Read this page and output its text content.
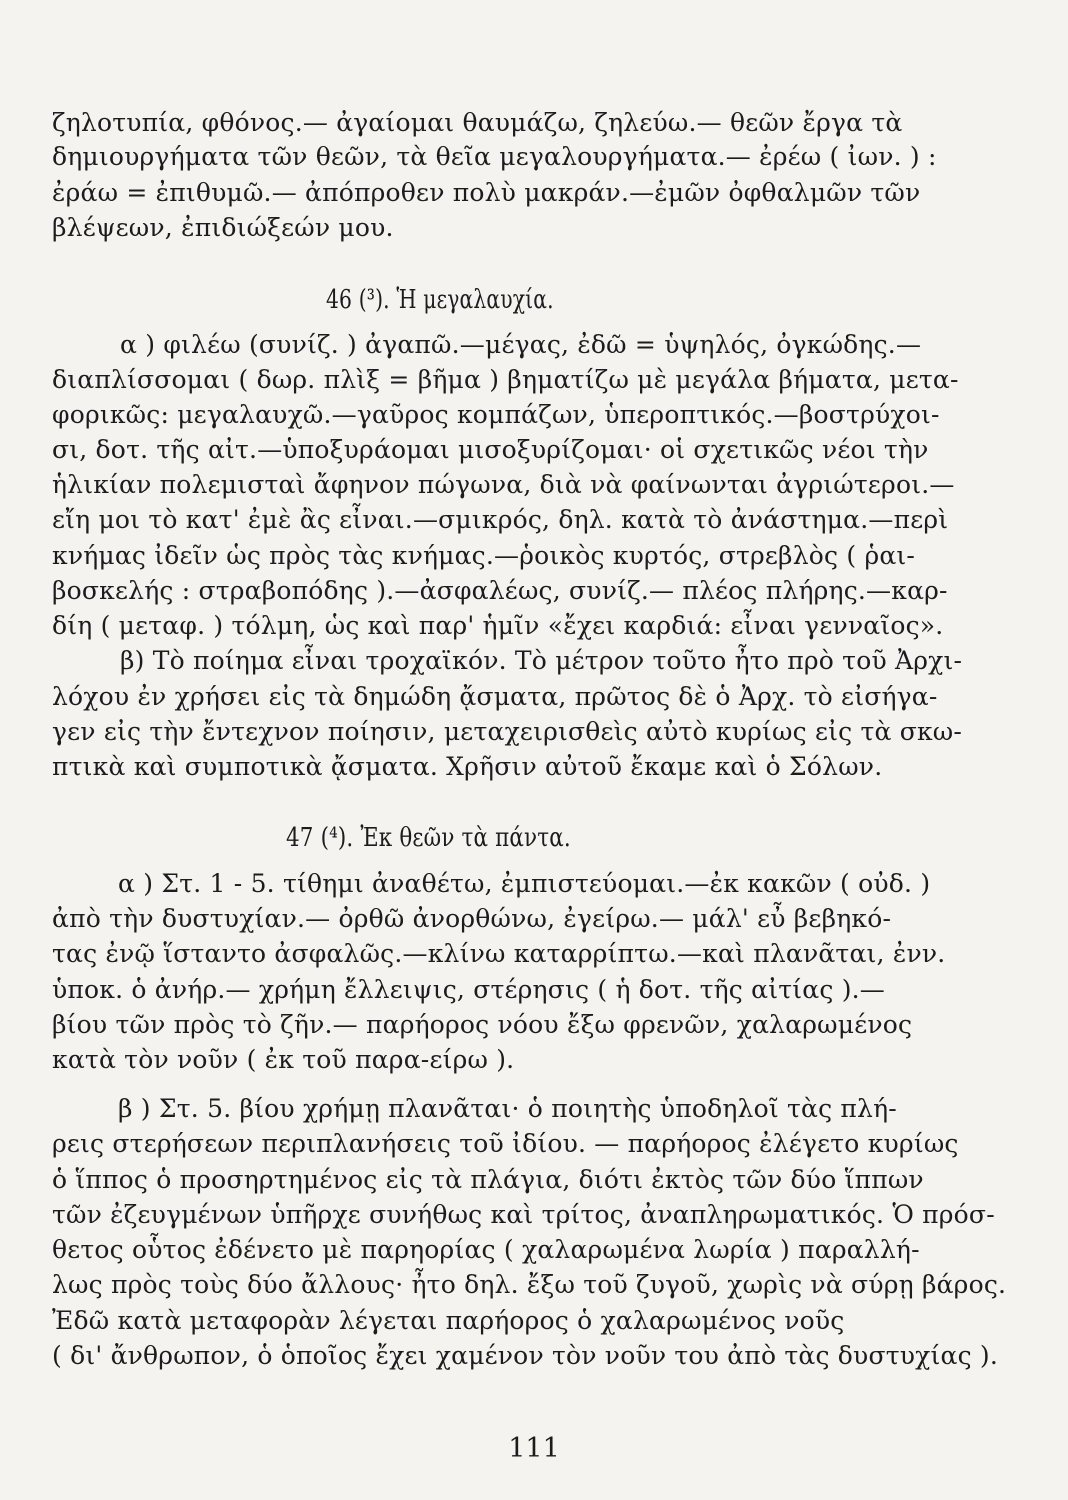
ζηλοτυπία, φθόνος.— ἀγαίομαι θαυμάζω, ζηλεύω.— θεῶν ἔργα τὰ
δημιουργήματα τῶν θεῶν, τὰ θεῖα μεγαλουργήματα.— ἐρέω ( ἰων. ) :
ἐράω = ἐπιθυμῶ.— ἀπόπροθεν πολὺ μακράν.—ἐμῶν ὀφθαλμῶν τῶν
βλέψεων, ἐπιδιώξεών μου.
46 (³). Ἡ μεγαλαυχία.
α ) φιλέω (συνίζ. ) ἀγαπῶ.—μέγας, ἐδῶ = ὑψηλός, ὀγκώδης.—
διαπλίσσομαι ( δωρ. πλὶξ = βῆμα ) βηματίζω μὲ μεγάλα βήματα, μετα-
φορικῶς: μεγαλαυχῶ.—γαῦρος κομπάζων, ὑπεροπτικός.—βοστρύχοι-
σι, δοτ. τῆς αἰτ.—ὑποξυράομαι μισοξυρίζομαι· οἱ σχετικῶς νέοι τὴν
ἡλικίαν πολεμισταὶ ἄφηνον πώγωνα, διὰ νὰ φαίνωνται ἀγριώτεροι.—
εἴη μοι τὸ κατ' ἐμὲ ἂς εἶναι.—σμικρός, δηλ. κατὰ τὸ ἀνάστημα.—περὶ
κνήμας ἰδεῖν ὡς πρὸς τὰς κνήμας.—ῥοικὸς κυρτός, στρεβλὸς ( ῥαι-
βοσκελής : στραβοπόδης ).—ἀσφαλέως, συνίζ.— πλέος πλήρης.—καρ-
δίη ( μεταφ. ) τόλμη, ὡς καὶ παρ' ἡμῖν «ἔχει καρδιά: εἶναι γενναῖος».
β) Τὸ ποίημα εἶναι τροχαϊκόν. Τὸ μέτρον τοῦτο ἦτο πρὸ τοῦ Ἀρχι-
λόχου ἐν χρήσει εἰς τὰ δημώδη ᾄσματα, πρῶτος δὲ ὁ Ἀρχ. τὸ εἰσήγα-
γεν εἰς τὴν ἔντεχνον ποίησιν, μεταχειρισθεὶς αὐτὸ κυρίως εἰς τὰ σκω-
πτικὰ καὶ συμποτικὰ ᾄσματα. Χρῆσιν αὐτοῦ ἔκαμε καὶ ὁ Σόλων.
47 (⁴). Ἐκ θεῶν τὰ πάντα.
α ) Στ. 1 - 5. τίθημι ἀναθέτω, ἐμπιστεύομαι.—ἐκ κακῶν ( οὐδ. )
ἀπὸ τὴν δυστυχίαν.— ὀρθῶ ἀνορθώνω, ἐγείρω.— μάλ' εὖ βεβηκό-
τας ἐνῷ ἵσταντο ἀσφαλῶς.—κλίνω καταρρίπτω.—καὶ πλανᾶται, ἐνν.
ὑποκ. ὁ ἀνήρ.— χρήμη ἔλλειψις, στέρησις ( ἡ δοτ. τῆς αἰτίας ).—
βίου τῶν πρὸς τὸ ζῆν.— παρήορος νόου ἔξω φρενῶν, χαλαρωμένος
κατὰ τὸν νοῦν ( ἐκ τοῦ παρα-είρω ).
β ) Στ. 5. βίου χρήμῃ πλανᾶται· ὁ ποιητὴς ὑποδηλοῖ τὰς πλή-
ρεις στερήσεων περιπλανήσεις τοῦ ἰδίου. — παρήορος ἐλέγετο κυρίως
ὁ ἵππος ὁ προσηρτημένος εἰς τὰ πλάγια, διότι ἐκτὸς τῶν δύο ἵππων
τῶν ἐζευγμένων ὑπῆρχε συνήθως καὶ τρίτος, ἀναπληρωματικός. Ὁ πρόσ-
θετος οὗτος ἐδένετο μὲ παρηορίας ( χαλαρωμένα λωρία ) παραλλή-
λως πρὸς τοὺς δύο ἄλλους· ἦτο δηλ. ἔξω τοῦ ζυγοῦ, χωρὶς νὰ σύρῃ βάρος.
Ἐδῶ κατὰ μεταφορὰν λέγεται παρήορος ὁ χαλαρωμένος νοῦς
( δι' ἄνθρωπον, ὁ ὁποῖος ἔχει χαμένον τὸν νοῦν του ἀπὸ τὰς δυστυχίας ).
111
